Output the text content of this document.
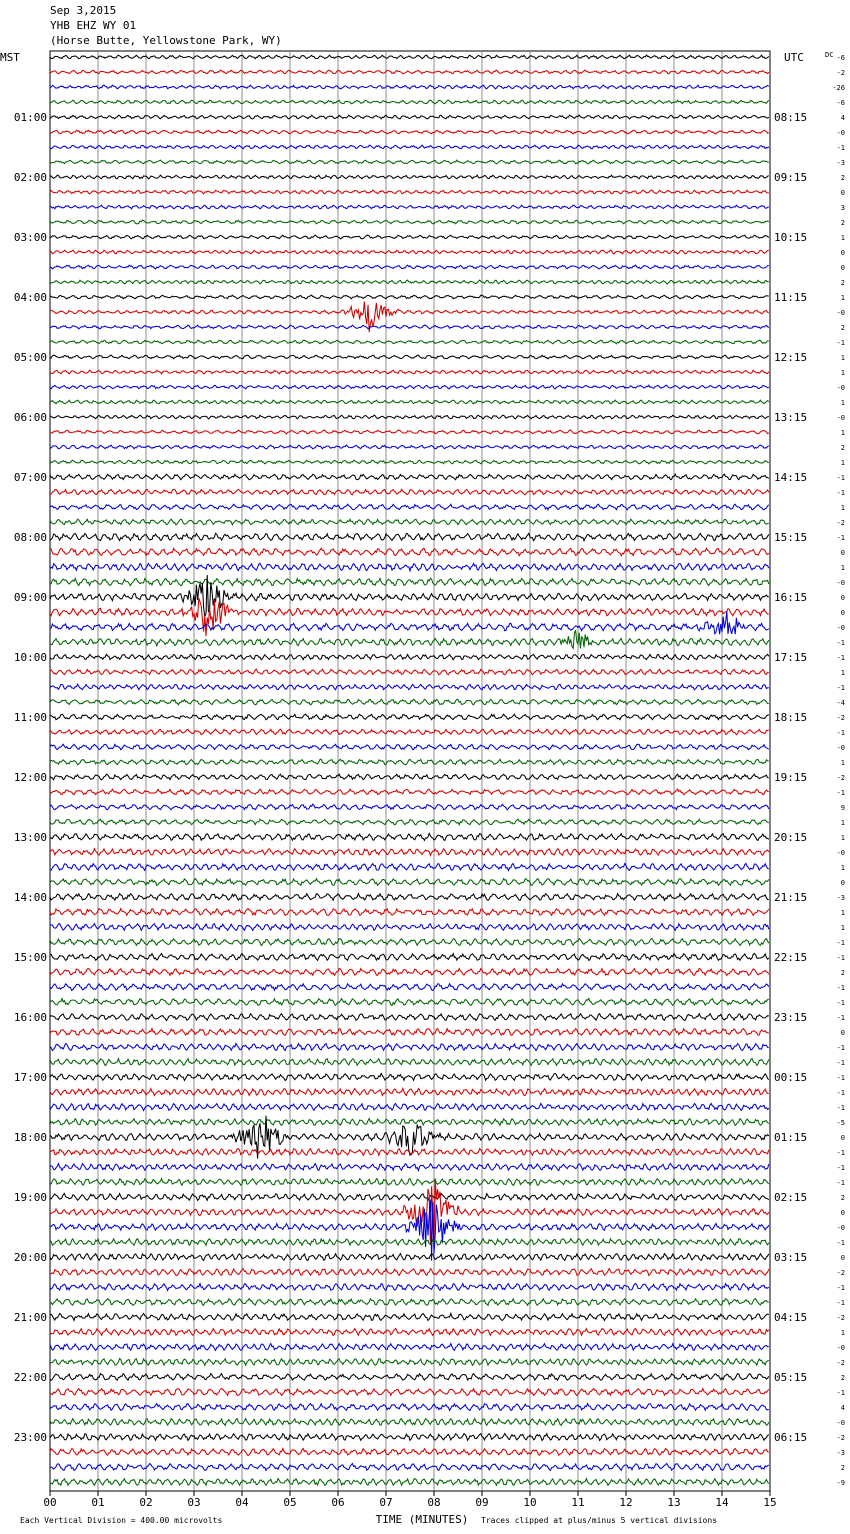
Sep 3,2015
YHB EHZ WY 01
(Horse Butte, Yellowstone Park, WY)
MST	UTC	DC
01:00
02:00
03:00
04:00
05:00
06:00
07:00
08:00
09:00
10:00
11:00
12:00
13:00
14:00
15:00
16:00
17:00
18:00
19:00
20:00
21:00
22:00
23:00
08:15
09:15
10:15
11:15
12:15
13:15
14:15
15:15
16:15
17:15
18:15
19:15
20:15
21:15
22:15
23:15
00:15
01:15
02:15
03:15
04:15
05:15
06:15
-6
-2
-26
-6
4
-0
-1
-3
2
0
3
2
1
0
0
2
1
-0
2
-1
1
1
-0
1
-0
1
2
1
-1
-1
1
-2
-1
0
1
-0
0
0
-0
-1
-1
1
-1
-4
-2
-1
-0
1
-2
-1
9
1
1
-0
1
0
-3
1
1
-1
-1
2
-1
-1
-1
0
-1
-1
-1
-1
-1
-5
0
-1
-1
-1
2
0
-0
-1
0
-2
-1
-1
-2
1
-0
-2
2
-1
4
-0
-2
-3
2
-9
00	01	02	03	04	05	06	07	08	09	10	11	12	13	14	15
TIME (MINUTES)
Each Vertical Division = 400.00 microvolts	Traces clipped at plus/minus 5 vertical divisions
